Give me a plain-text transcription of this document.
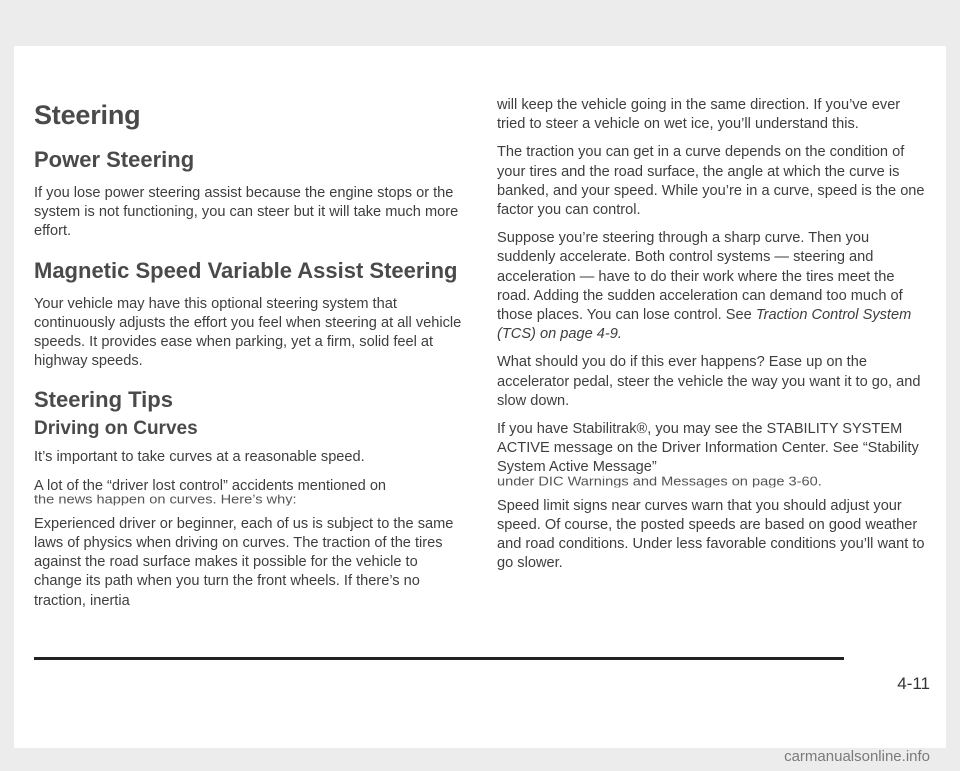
Steering
Power Steering

If you lose power steering assist because the engine stops or the system is not functioning, you can steer but it will take much more effort.

Magnetic Speed Variable Assist Steering

Your vehicle may have this optional steering system that continuously adjusts the effort you feel when steering at all vehicle speeds. It provides ease when parking, yet a firm, solid feel at highway speeds.

Steering Tips
Driving on Curves

It’s important to take curves at a reasonable speed.

A lot of the “driver lost control” accidents mentioned on

the news happen on curves. Here’s why:

Experienced driver or beginner, each of us is subject to the same laws of physics when driving on curves. The traction of the tires against the road surface makes it possible for the vehicle to change its path when you turn the front wheels. If there’s no traction, inertia

will keep the vehicle going in the same direction. If you’ve ever tried to steer a vehicle on wet ice, you’ll understand this.

The traction you can get in a curve depends on the condition of your tires and the road surface, the angle at which the curve is banked, and your speed. While you’re in a curve, speed is the one factor you can control.

Suppose you’re steering through a sharp curve. Then you suddenly accelerate. Both control systems — steering and acceleration — have to do their work where the tires meet the road. Adding the sudden acceleration can demand too much of those places. You can lose control. See Traction Control System (TCS) on page 4-9.

What should you do if this ever happens? Ease up on the accelerator pedal, steer the vehicle the way you want it to go, and slow down.

If you have Stabilitrak®, you may see the STABILITY SYSTEM ACTIVE message on the Driver Information Center. See “Stability System Active Message”

under DIC Warnings and Messages on page 3-60.

Speed limit signs near curves warn that you should adjust your speed. Of course, the posted speeds are based on good weather and road conditions. Under less favorable conditions you’ll want to go slower.

4-11
carmanualsonline.info
